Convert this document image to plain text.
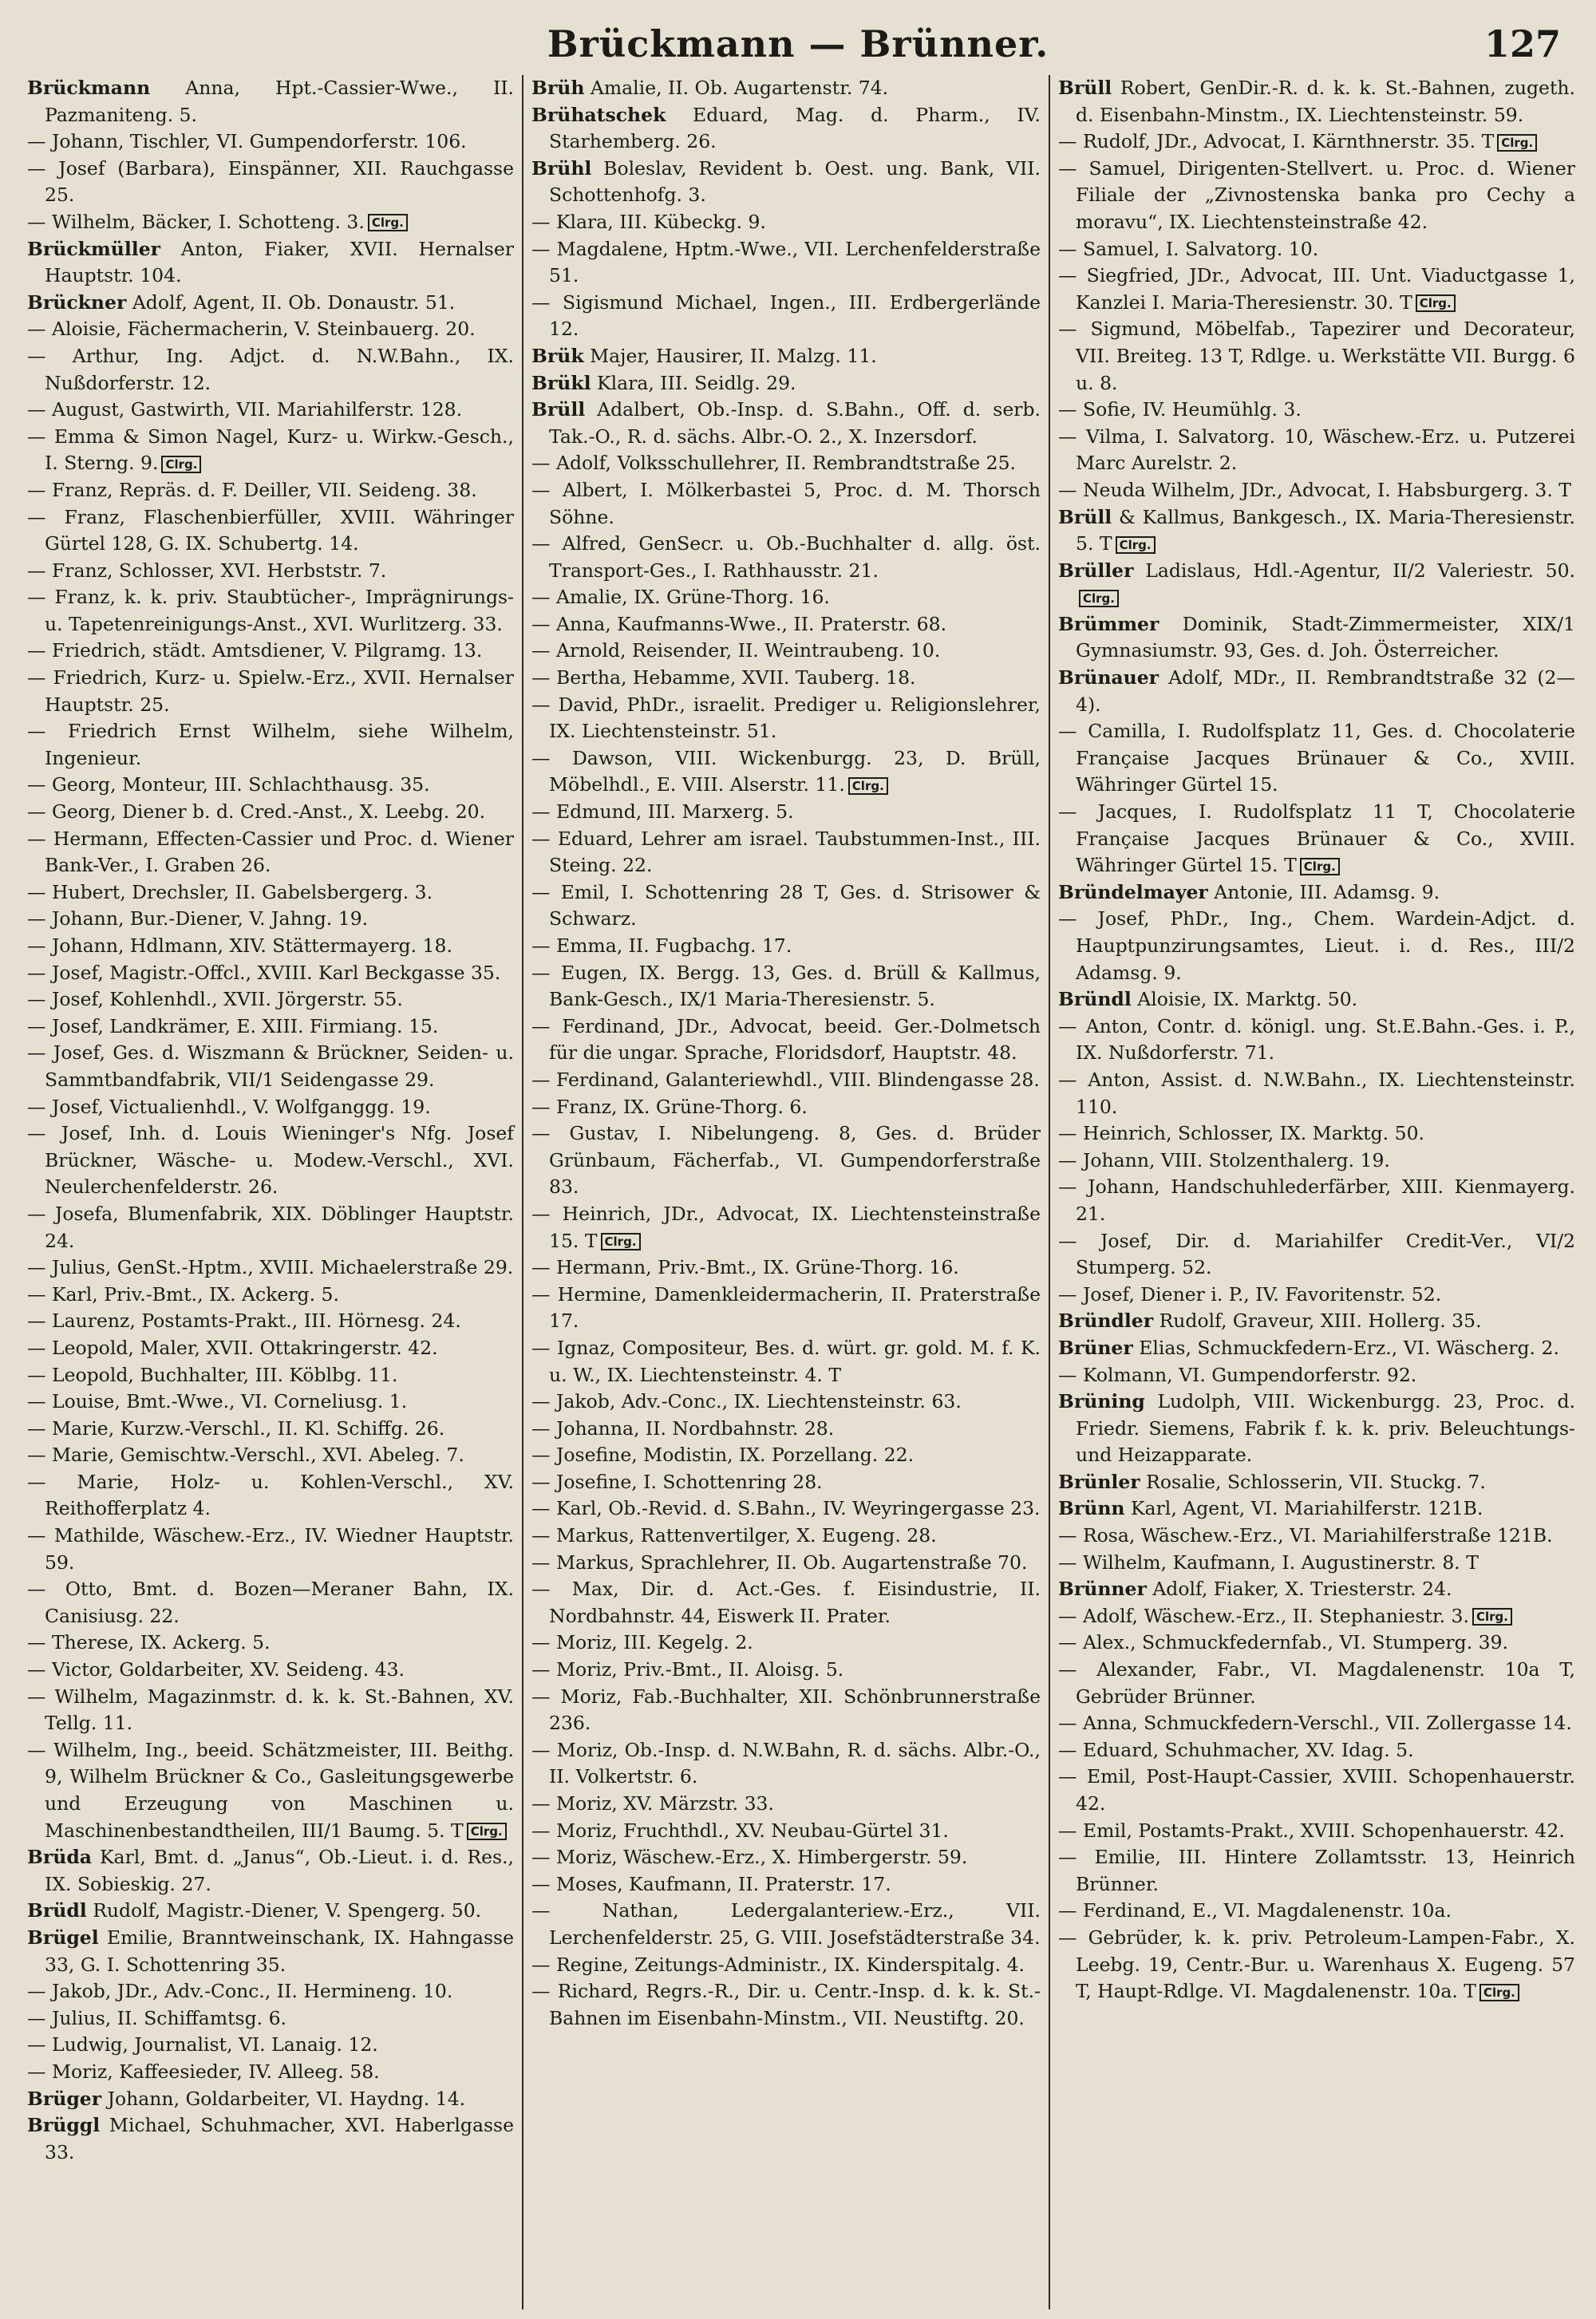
Brückmann — Brünner.	127

Brückmann Anna, Hpt.-Cassier-Wwe., II. Pazmaniteng. 5.

— Johann, Tischler, VI. Gumpendorferstr. 106.

— Josef (Barbara), Einspänner, XII. Rauchgasse 25.

— Wilhelm, Bäcker, I. Schotteng. 3. Clrg.

Brückmüller Anton, Fiaker, XVII. Hernalser Hauptstr. 104.

Brückner Adolf, Agent, II. Ob. Donaustr. 51.

— Aloisie, Fächermacherin, V. Steinbauerg. 20.

— Arthur, Ing. Adjct. d. N.W.Bahn., IX. Nußdorferstr. 12.

— August, Gastwirth, VII. Mariahilferstr. 128.

— Emma & Simon Nagel, Kurz- u. Wirkw.-Gesch., I. Sterng. 9. Clrg.

— Franz, Repräs. d. F. Deiller, VII. Seideng. 38.

— Franz, Flaschenbierfüller, XVIII. Währinger Gürtel 128, G. IX. Schubertg. 14.

— Franz, Schlosser, XVI. Herbststr. 7.

— Franz, k. k. priv. Staubtücher-, Imprägnirungs- u. Tapetenreinigungs-Anst., XVI. Wurlitzerg. 33.

— Friedrich, städt. Amtsdiener, V. Pilgramg. 13.

— Friedrich, Kurz- u. Spielw.-Erz., XVII. Hernalser Hauptstr. 25.

— Friedrich Ernst Wilhelm, siehe Wilhelm, Ingenieur.

— Georg, Monteur, III. Schlachthausg. 35.

— Georg, Diener b. d. Cred.-Anst., X. Leebg. 20.

— Hermann, Effecten-Cassier und Proc. d. Wiener Bank-Ver., I. Graben 26.

— Hubert, Drechsler, II. Gabelsbergerg. 3.

— Johann, Bur.-Diener, V. Jahng. 19.

— Johann, Hdlmann, XIV. Stättermayerg. 18.

— Josef, Magistr.-Offcl., XVIII. Karl Beckgasse 35.

— Josef, Kohlenhdl., XVII. Jörgerstr. 55.

— Josef, Landkrämer, E. XIII. Firmiang. 15.

— Josef, Ges. d. Wiszmann & Brückner, Seiden- u. Sammtbandfabrik, VII/1 Seidengasse 29.

— Josef, Victualienhdl., V. Wolfganggg. 19.

— Josef, Inh. d. Louis Wieninger's Nfg. Josef Brückner, Wäsche- u. Modew.-Verschl., XVI. Neulerchenfelderstr. 26.

— Josefa, Blumenfabrik, XIX. Döblinger Hauptstr. 24.

— Julius, GenSt.-Hptm., XVIII. Michaelerstraße 29.

— Karl, Priv.-Bmt., IX. Ackerg. 5.

— Laurenz, Postamts-Prakt., III. Hörnesg. 24.

— Leopold, Maler, XVII. Ottakringerstr. 42.

— Leopold, Buchhalter, III. Köblbg. 11.

— Louise, Bmt.-Wwe., VI. Corneliusg. 1.

— Marie, Kurzw.-Verschl., II. Kl. Schiffg. 26.

— Marie, Gemischtw.-Verschl., XVI. Abeleg. 7.

— Marie, Holz- u. Kohlen-Verschl., XV. Reithofferplatz 4.

— Mathilde, Wäschew.-Erz., IV. Wiedner Hauptstr. 59.

— Otto, Bmt. d. Bozen—Meraner Bahn, IX. Canisiusg. 22.

— Therese, IX. Ackerg. 5.

— Victor, Goldarbeiter, XV. Seideng. 43.

— Wilhelm, Magazinmstr. d. k. k. St.-Bahnen, XV. Tellg. 11.

— Wilhelm, Ing., beeid. Schätzmeister, III. Beithg. 9, Wilhelm Brückner & Co., Gasleitungsgewerbe und Erzeugung von Maschinen u. Maschinenbestandtheilen, III/1 Baumg. 5. T Clrg.

Brüda Karl, Bmt. d. „Janus“, Ob.-Lieut. i. d. Res., IX. Sobieskig. 27.

Brüdl Rudolf, Magistr.-Diener, V. Spengerg. 50.

Brügel Emilie, Branntweinschank, IX. Hahngasse 33, G. I. Schottenring 35.

— Jakob, JDr., Adv.-Conc., II. Hermineng. 10.

— Julius, II. Schiffamtsg. 6.

— Ludwig, Journalist, VI. Lanaig. 12.

— Moriz, Kaffeesieder, IV. Alleeg. 58.

Brüger Johann, Goldarbeiter, VI. Haydng. 14.

Brüggl Michael, Schuhmacher, XVI. Haberlgasse 33.

Brüh Amalie, II. Ob. Augartenstr. 74.

Brühatschek Eduard, Mag. d. Pharm., IV. Starhemberg. 26.

Brühl Boleslav, Revident b. Oest. ung. Bank, VII. Schottenhofg. 3.

— Klara, III. Kübeckg. 9.

— Magdalene, Hptm.-Wwe., VII. Lerchenfelderstraße 51.

— Sigismund Michael, Ingen., III. Erdbergerlände 12.

Brük Majer, Hausirer, II. Malzg. 11.

Brükl Klara, III. Seidlg. 29.

Brüll Adalbert, Ob.-Insp. d. S.Bahn., Off. d. serb. Tak.-O., R. d. sächs. Albr.-O. 2., X. Inzersdorf.

— Adolf, Volksschullehrer, II. Rembrandtstraße 25.

— Albert, I. Mölkerbastei 5, Proc. d. M. Thorsch Söhne.

— Alfred, GenSecr. u. Ob.-Buchhalter d. allg. öst. Transport-Ges., I. Rathhausstr. 21.

— Amalie, IX. Grüne-Thorg. 16.

— Anna, Kaufmanns-Wwe., II. Praterstr. 68.

— Arnold, Reisender, II. Weintraubeng. 10.

— Bertha, Hebamme, XVII. Tauberg. 18.

— David, PhDr., israelit. Prediger u. Religionslehrer, IX. Liechtensteinstr. 51.

— Dawson, VIII. Wickenburgg. 23, D. Brüll, Möbelhdl., E. VIII. Alserstr. 11. Clrg.

— Edmund, III. Marxerg. 5.

— Eduard, Lehrer am israel. Taubstummen-Inst., III. Steing. 22.

— Emil, I. Schottenring 28 T, Ges. d. Strisower & Schwarz.

— Emma, II. Fugbachg. 17.

— Eugen, IX. Bergg. 13, Ges. d. Brüll & Kallmus, Bank-Gesch., IX/1 Maria-Theresienstr. 5.

— Ferdinand, JDr., Advocat, beeid. Ger.-Dolmetsch für die ungar. Sprache, Floridsdorf, Hauptstr. 48.

— Ferdinand, Galanteriewhdl., VIII. Blindengasse 28.

— Franz, IX. Grüne-Thorg. 6.

— Gustav, I. Nibelungeng. 8, Ges. d. Brüder Grünbaum, Fächerfab., VI. Gumpendorferstraße 83.

— Heinrich, JDr., Advocat, IX. Liechtensteinstraße 15. T Clrg.

— Hermann, Priv.-Bmt., IX. Grüne-Thorg. 16.

— Hermine, Damenkleidermacherin, II. Praterstraße 17.

— Ignaz, Compositeur, Bes. d. würt. gr. gold. M. f. K. u. W., IX. Liechtensteinstr. 4. T

— Jakob, Adv.-Conc., IX. Liechtensteinstr. 63.

— Johanna, II. Nordbahnstr. 28.

— Josefine, Modistin, IX. Porzellang. 22.

— Josefine, I. Schottenring 28.

— Karl, Ob.-Revid. d. S.Bahn., IV. Weyringergasse 23.

— Markus, Rattenvertilger, X. Eugeng. 28.

— Markus, Sprachlehrer, II. Ob. Augartenstraße 70.

— Max, Dir. d. Act.-Ges. f. Eisindustrie, II. Nordbahnstr. 44, Eiswerk II. Prater.

— Moriz, III. Kegelg. 2.

— Moriz, Priv.-Bmt., II. Aloisg. 5.

— Moriz, Fab.-Buchhalter, XII. Schönbrunnerstraße 236.

— Moriz, Ob.-Insp. d. N.W.Bahn, R. d. sächs. Albr.-O., II. Volkertstr. 6.

— Moriz, XV. Märzstr. 33.

— Moriz, Fruchthdl., XV. Neubau-Gürtel 31.

— Moriz, Wäschew.-Erz., X. Himbergerstr. 59.

— Moses, Kaufmann, II. Praterstr. 17.

— Nathan, Ledergalanteriew.-Erz., VII. Lerchenfelderstr. 25, G. VIII. Josefstädterstraße 34.

— Regine, Zeitungs-Administr., IX. Kinderspitalg. 4.

— Richard, Regrs.-R., Dir. u. Centr.-Insp. d. k. k. St.-Bahnen im Eisenbahn-Minstm., VII. Neustiftg. 20.

Brüll Robert, GenDir.-R. d. k. k. St.-Bahnen, zugeth. d. Eisenbahn-Minstm., IX. Liechtensteinstr. 59.

— Rudolf, JDr., Advocat, I. Kärnthnerstr. 35. T Clrg.

— Samuel, Dirigenten-Stellvert. u. Proc. d. Wiener Filiale der „Zivnostenska banka pro Cechy a moravu“, IX. Liechtensteinstraße 42.

— Samuel, I. Salvatorg. 10.

— Siegfried, JDr., Advocat, III. Unt. Viaductgasse 1, Kanzlei I. Maria-Theresienstr. 30. T Clrg.

— Sigmund, Möbelfab., Tapezirer und Decorateur, VII. Breiteg. 13 T, Rdlge. u. Werkstätte VII. Burgg. 6 u. 8.

— Sofie, IV. Heumühlg. 3.

— Vilma, I. Salvatorg. 10, Wäschew.-Erz. u. Putzerei Marc Aurelstr. 2.

— Neuda Wilhelm, JDr., Advocat, I. Habsburgerg. 3. T

Brüll & Kallmus, Bankgesch., IX. Maria-Theresienstr. 5. T Clrg.

Brüller Ladislaus, Hdl.-Agentur, II/2 Valeriestr. 50.Clrg.

Brümmer Dominik, Stadt-Zimmermeister, XIX/1 Gymnasiumstr. 93, Ges. d. Joh. Österreicher.

Brünauer Adolf, MDr., II. Rembrandtstraße 32 (2—4).

— Camilla, I. Rudolfsplatz 11, Ges. d. Chocolaterie Française Jacques Brünauer & Co., XVIII. Währinger Gürtel 15.

— Jacques, I. Rudolfsplatz 11 T, Chocolaterie Française Jacques Brünauer & Co., XVIII. Währinger Gürtel 15. T Clrg.

Bründelmayer Antonie, III. Adamsg. 9.

— Josef, PhDr., Ing., Chem. Wardein-Adjct. d. Hauptpunzirungsamtes, Lieut. i. d. Res., III/2 Adamsg. 9.

Bründl Aloisie, IX. Marktg. 50.

— Anton, Contr. d. königl. ung. St.E.Bahn.-Ges. i. P., IX. Nußdorferstr. 71.

— Anton, Assist. d. N.W.Bahn., IX. Liechtensteinstr. 110.

— Heinrich, Schlosser, IX. Marktg. 50.

— Johann, VIII. Stolzenthalerg. 19.

— Johann, Handschuhlederfärber, XIII. Kienmayerg. 21.

— Josef, Dir. d. Mariahilfer Credit-Ver., VI/2 Stumperg. 52.

— Josef, Diener i. P., IV. Favoritenstr. 52.

Bründler Rudolf, Graveur, XIII. Hollerg. 35.

Brüner Elias, Schmuckfedern-Erz., VI. Wäscherg. 2.

— Kolmann, VI. Gumpendorferstr. 92.

Brüning Ludolph, VIII. Wickenburgg. 23, Proc. d. Friedr. Siemens, Fabrik f. k. k. priv. Beleuchtungs- und Heizapparate.

Brünler Rosalie, Schlosserin, VII. Stuckg. 7.

Brünn Karl, Agent, VI. Mariahilferstr. 121B.

— Rosa, Wäschew.-Erz., VI. Mariahilferstraße 121B.

— Wilhelm, Kaufmann, I. Augustinerstr. 8. T

Brünner Adolf, Fiaker, X. Triesterstr. 24.

— Adolf, Wäschew.-Erz., II. Stephaniestr. 3. Clrg.

— Alex., Schmuckfedernfab., VI. Stumperg. 39.

— Alexander, Fabr., VI. Magdalenenstr. 10a T, Gebrüder Brünner.

— Anna, Schmuckfedern-Verschl., VII. Zollergasse 14.

— Eduard, Schuhmacher, XV. Idag. 5.

— Emil, Post-Haupt-Cassier, XVIII. Schopenhauerstr. 42.

— Emil, Postamts-Prakt., XVIII. Schopenhauerstr. 42.

— Emilie, III. Hintere Zollamtsstr. 13, Heinrich Brünner.

— Ferdinand, E., VI. Magdalenenstr. 10a.

— Gebrüder, k. k. priv. Petroleum-Lampen-Fabr., X. Leebg. 19, Centr.-Bur. u. Warenhaus X. Eugeng. 57 T, Haupt-Rdlge. VI. Magdalenenstr. 10a. T Clrg.
